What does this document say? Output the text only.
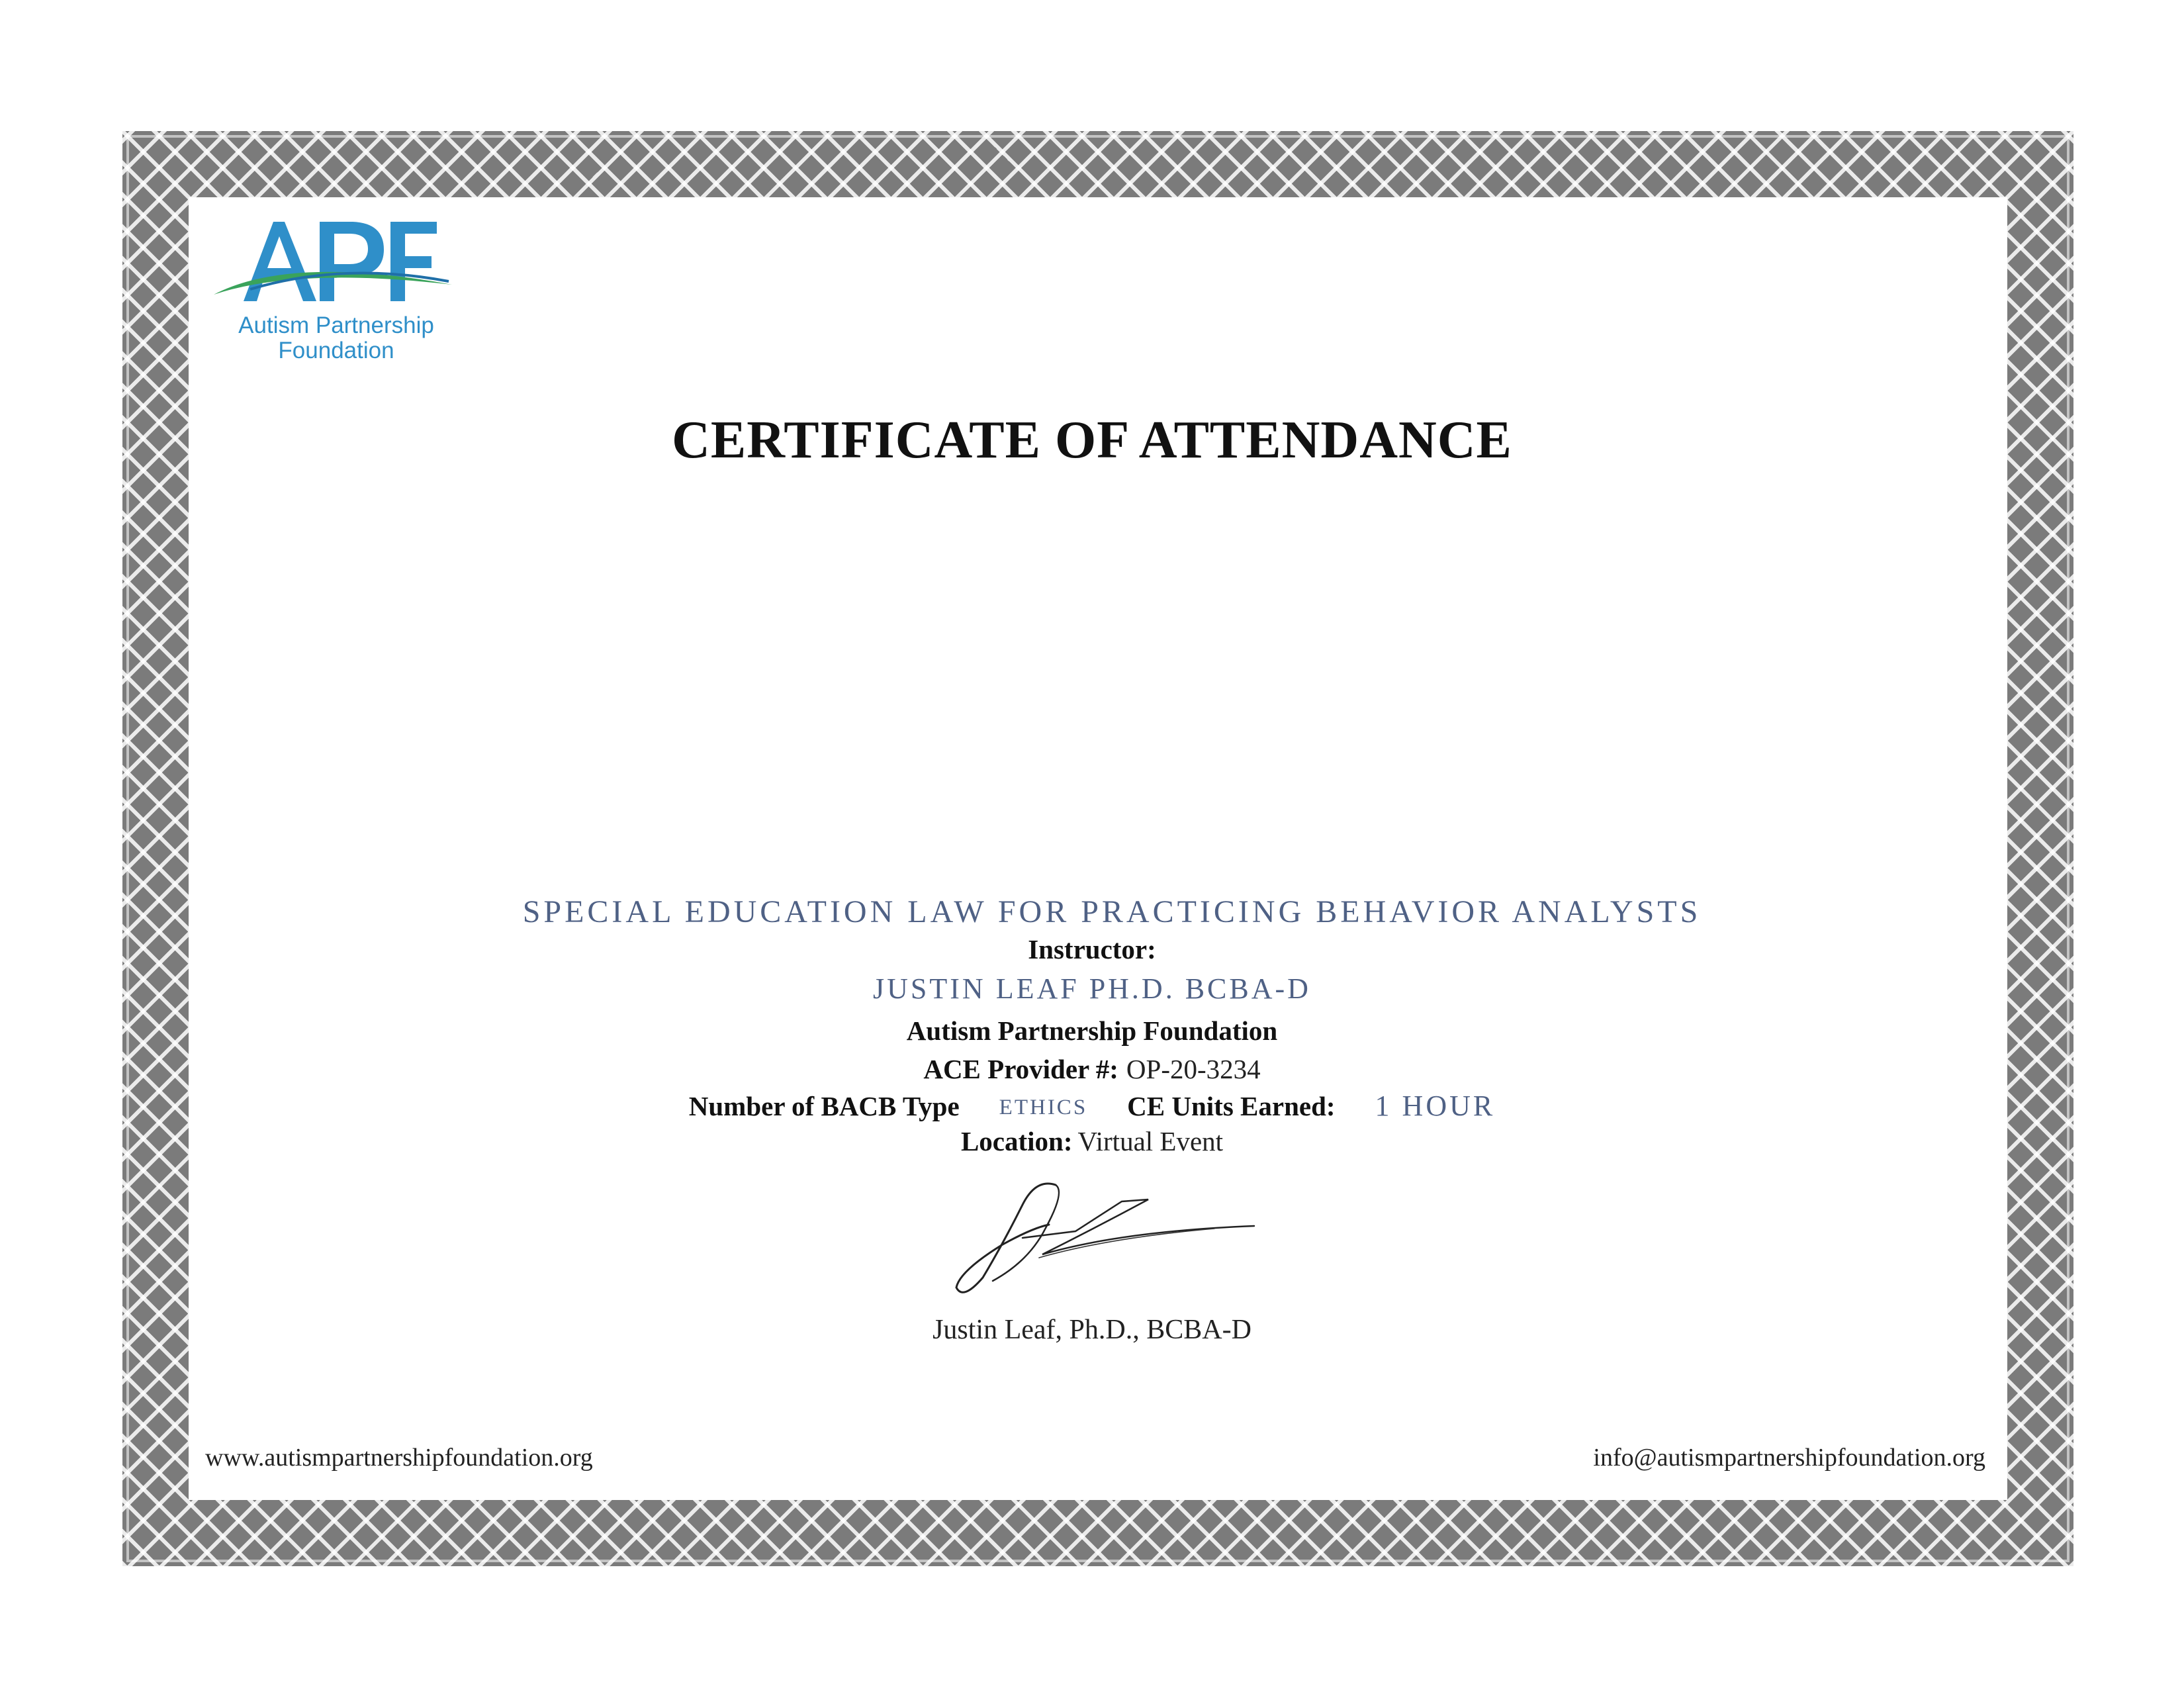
Autism Partnership
Foundation
CERTIFICATE OF ATTENDANCE
SPECIAL EDUCATION LAW FOR PRACTICING BEHAVIOR ANALYSTS
Instructor:
JUSTIN LEAF PH.D. BCBA-D
Autism Partnership Foundation
ACE Provider #: OP-20-3234
Number of BACB Type ETHICS CE Units Earned: 1 HOUR
Location: Virtual Event
Justin Leaf, Ph.D., BCBA-D
www.autismpartnershipfoundation.org	info@autismpartnershipfoundation.org
